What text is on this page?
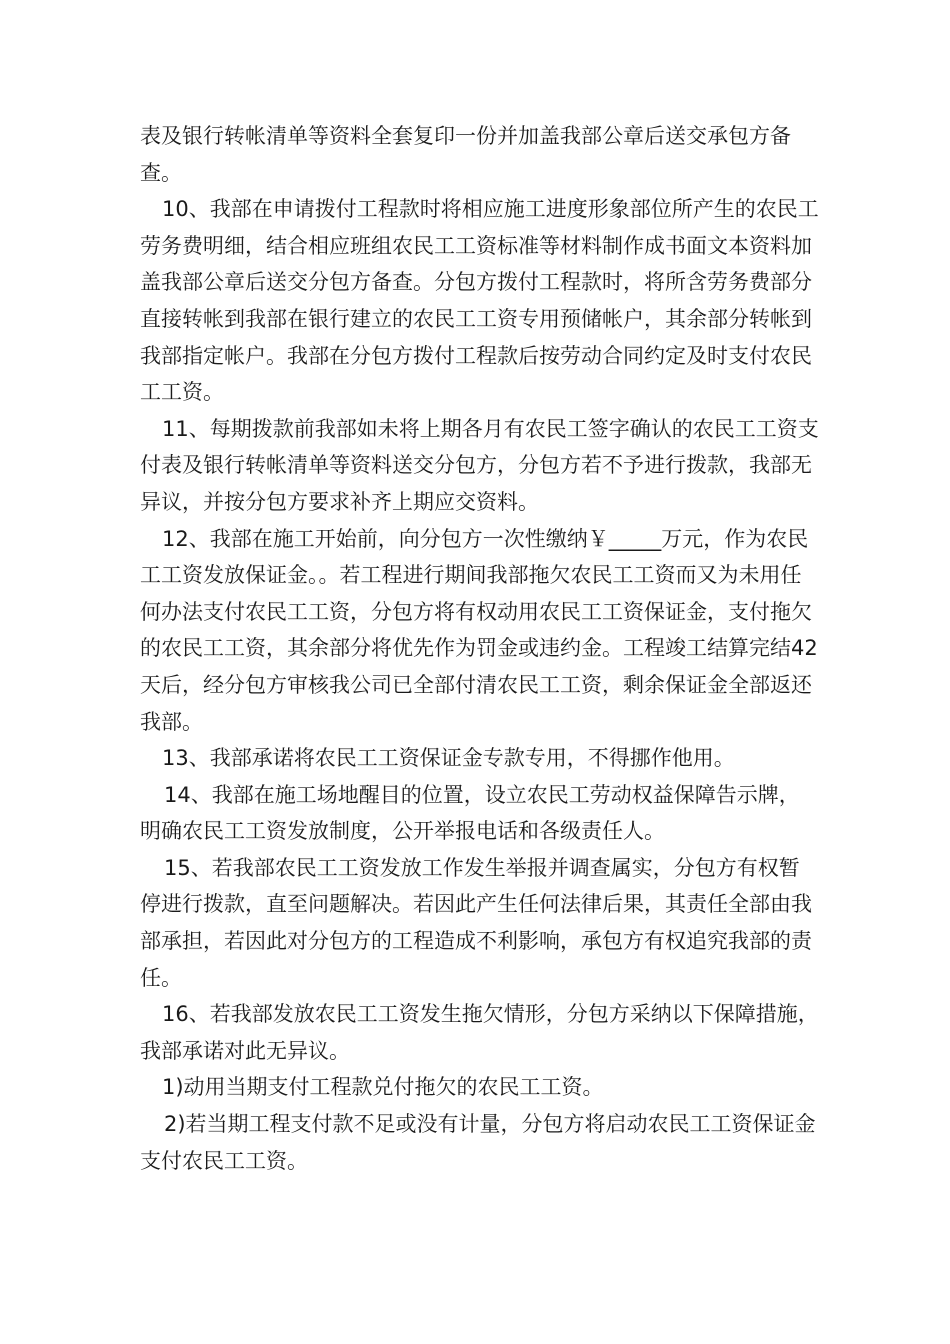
表及银行转帐清单等资料全套复印一份并加盖我部公章后送交承包方备查。

10、我部在申请拨付工程款时将相应施工进度形象部位所产生的农民工劳务费明细，结合相应班组农民工工资标准等材料制作成书面文本资料加盖我部公章后送交分包方备查。分包方拨付工程款时，将所含劳务费部分直接转帐到我部在银行建立的农民工工资专用预储帐户，其余部分转帐到我部指定帐户。我部在分包方拨付工程款后按劳动合同约定及时支付农民工工资。

11、每期拨款前我部如未将上期各月有农民工签字确认的农民工工资支付表及银行转帐清单等资料送交分包方，分包方若不予进行拨款，我部无异议，并按分包方要求补齐上期应交资料。

12、我部在施工开始前，向分包方一次性缴纳￥_____万元，作为农民工工资发放保证金。。若工程进行期间我部拖欠农民工工资而又为未用任何办法支付农民工工资，分包方将有权动用农民工工资保证金，支付拖欠的农民工工资，其余部分将优先作为罚金或违约金。工程竣工结算完结42天后，经分包方审核我公司已全部付清农民工工资，剩余保证金全部返还我部。

13、我部承诺将农民工工资保证金专款专用，不得挪作他用。

14、我部在施工场地醒目的位置，设立农民工劳动权益保障告示牌，明确农民工工资发放制度，公开举报电话和各级责任人。

15、若我部农民工工资发放工作发生举报并调查属实，分包方有权暂停进行拨款，直至问题解决。若因此产生任何法律后果，其责任全部由我部承担，若因此对分包方的工程造成不利影响，承包方有权追究我部的责任。

16、若我部发放农民工工资发生拖欠情形，分包方采纳以下保障措施，我部承诺对此无异议。

1)动用当期支付工程款兑付拖欠的农民工工资。

2)若当期工程支付款不足或没有计量，分包方将启动农民工工资保证金支付农民工工资。
